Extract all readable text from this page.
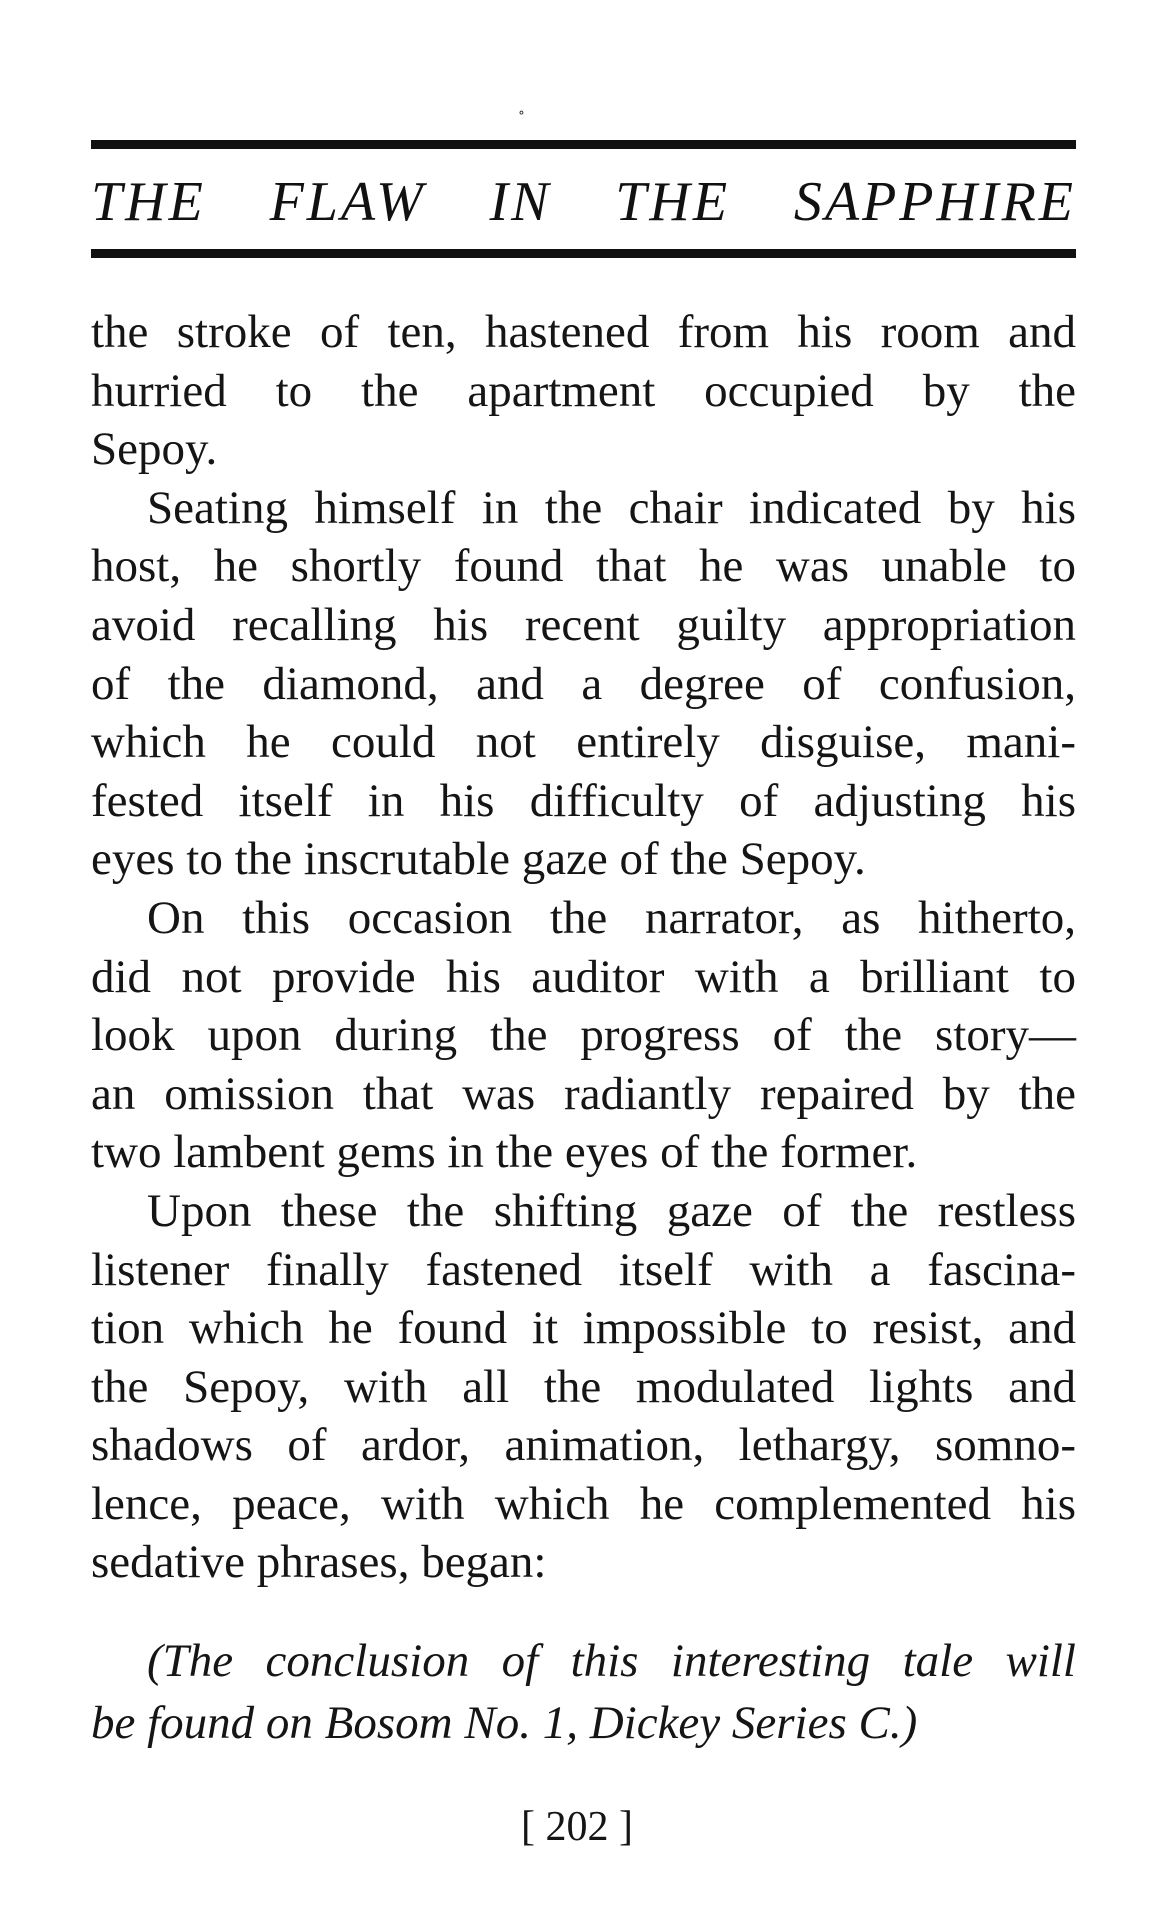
∘
THE FLAW IN THE SAPPHIRE

the stroke of ten, hastened from his room and
hurried to the apartment occupied by the
Sepoy.

Seating himself in the chair indicated by his
host, he shortly found that he was unable to
avoid recalling his recent guilty appropriation
of the diamond, and a degree of confusion,
which he could not entirely disguise, mani-
fested itself in his difficulty of adjusting his
eyes to the inscrutable gaze of the Sepoy.

On this occasion the narrator, as hitherto,
did not provide his auditor with a brilliant to
look upon during the progress of the story—
an omission that was radiantly repaired by the
two lambent gems in the eyes of the former.

Upon these the shifting gaze of the restless
listener finally fastened itself with a fascina-
tion which he found it impossible to resist, and
the Sepoy, with all the modulated lights and
shadows of ardor, animation, lethargy, somno-
lence, peace, with which he complemented his
sedative phrases, began:

(The conclusion of this interesting tale will
be found on Bosom No. 1, Dickey Series C.)
[ 202 ]
